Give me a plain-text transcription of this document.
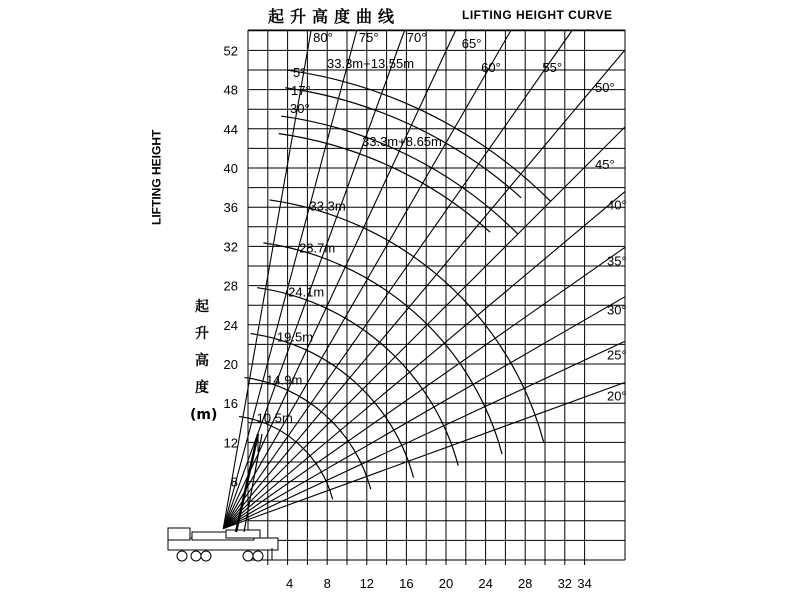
起升高度曲线	LIFTING HEIGHT CURVE
LIFTING HEIGHT
起升高度(m)
4 8 12 16 20 24 28 32 34
8
12
16
20
24
28
32
36
40
44
48
52
80° 75° 70°	65°
60°	55°
50°
45°
40°
35°
30°
25°
20°
10.5m
14.9m
19.5m
24.1m
28.7m
33.3m
33.3m+8.65m
33.3m+13.55m
5°
17°
30°
